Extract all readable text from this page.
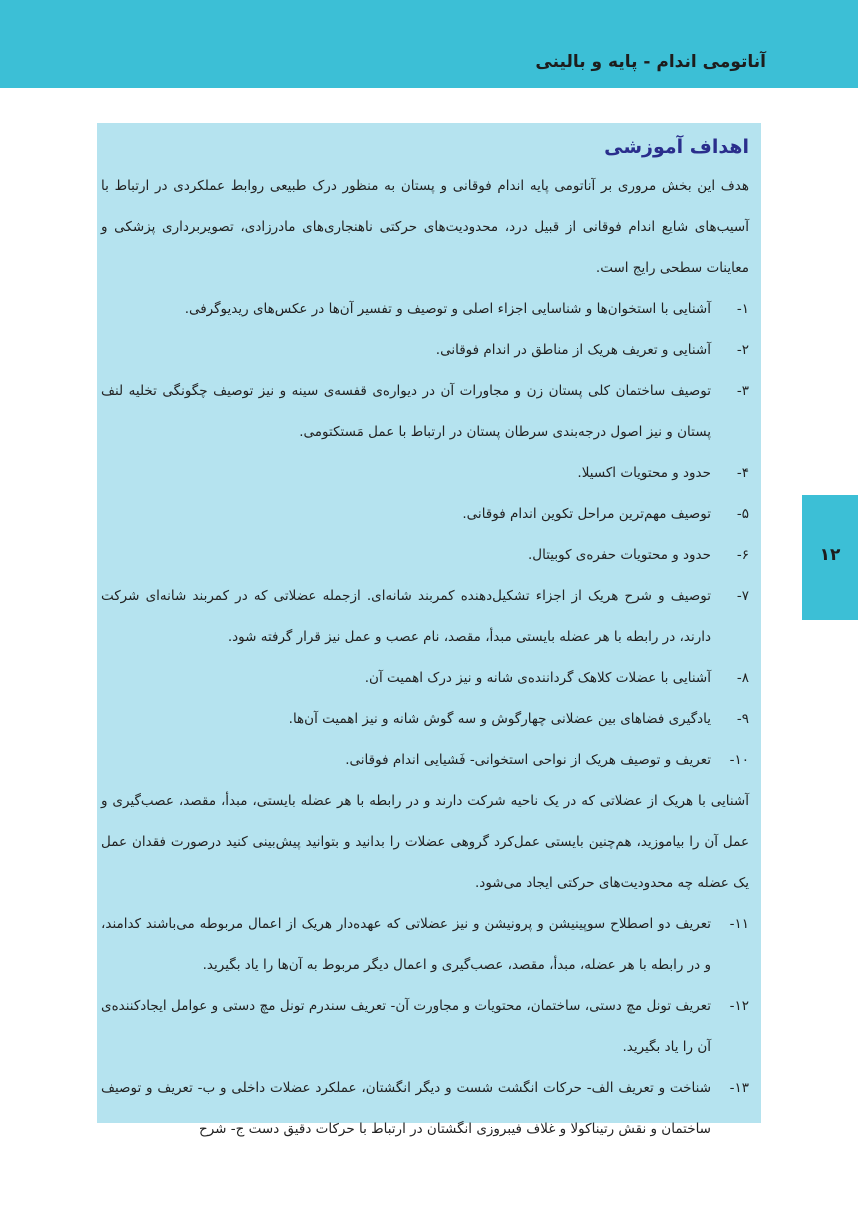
آناتومی اندام - پایه و بالینی
اهداف آموزشی

هدف این بخش مروری بر آناتومی پایه اندام فوقانی و پستان به منظور درک طبیعی روابط عملکردی در ارتباط با آسیب‌های شایع اندام فوقانی از قبیل درد، محدودیت‌های حرکتی ناهنجاری‌های مادرزادی، تصویربرداری پزشکی و معاینات سطحی رایج است.

۱-
آشنایی با استخوان‌ها و شناسایی اجزاء اصلی و توصیف و تفسیر آن‌ها در عکس‌های ریدیوگرفی.
۲-
آشنایی و تعریف هریک از مناطق در اندام فوقانی.
۳-
توصیف ساختمان کلی پستان زن و مجاورات آن در دیواره‌ی قفسه‌ی سینه و نیز توصیف چگونگی تخلیه لنف پستان و نیز اصول درجه‌بندی سرطان پستان در ارتباط با عمل مَستکتومی.
۴-
حدود و محتویات اکسیلا.
۵-
توصیف مهم‌ترین مراحل تکوین اندام فوقانی.
۶-
حدود و محتویات حفره‌ی کوبیتال.
۷-
توصیف و شرح هریک از اجزاء تشکیل‌دهنده کمربند شانه‌ای. ازجمله عضلاتی که در کمربند شانه‌ای شرکت دارند، در رابطه با هر عضله بایستی مبدأ، مقصد، نام عصب و عمل نیز قرار گرفته شود.
۸-
آشنایی با عضلات کلاهک گرداننده‌ی شانه و نیز درک اهمیت آن.
۹-
یادگیری فضاهای بین عضلانی چهارگوش و سه گوش شانه و نیز اهمیت آن‌ها.
۱۰-
تعریف و توصیف هریک از نواحی استخوانی- فَشیایی اندام فوقانی.

آشنایی با هریک از عضلاتی که در یک ناحیه شرکت دارند و در رابطه با هر عضله بایستی، مبدأ، مقصد، عصب‌گیری و عمل آن را بیاموزید، هم‌چنین بایستی عمل‌کرد گروهی عضلات را بدانید و بتوانید پیش‌بینی کنید درصورت فقدان عمل یک عضله چه محدودیت‌های حرکتی ایجاد می‌شود.

۱۱-
تعریف دو اصطلاح سوپینیشن و پرونیشن و نیز عضلاتی که عهده‌دار هریک از اعمال مربوطه می‌باشند کدامند، و در رابطه با هر عضله، مبدأ، مقصد، عصب‌گیری و اعمال دیگر مربوط به آن‌ها را یاد بگیرید.
۱۲-
تعریف تونل مچ دستی، ساختمان، محتویات و مجاورت آن- تعریف سندرم تونل مچ دستی و عوامل ایجادکننده‌ی آن را یاد بگیرید.
۱۳-
شناخت و تعریف الف- حرکات انگشت شست و دیگر انگشتان، عملکرد عضلات داخلی و ب- تعریف و توصیف ساختمان و نقش رتیناکولا و غلاف فیبروزی انگشتان در ارتباط با حرکات دقیق دست ج- شرح
۱۲
